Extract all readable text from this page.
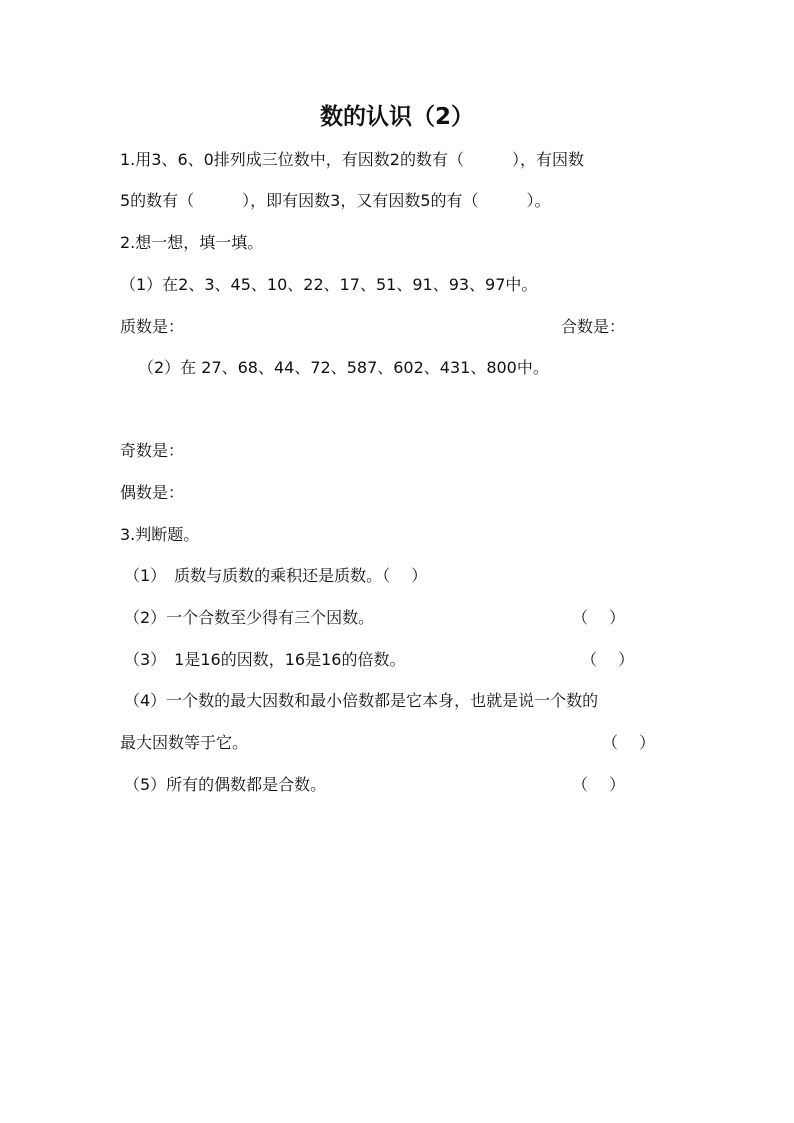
数的认识（2）
1.用3、6、0排列成三位数中，有因数2的数有（　　　），有因数
5的数有（　　　），即有因数3，又有因数5的有（　　　）。
2.想一想，填一填。
（1）在2、3、45、10、22、17、51、91、93、97中。
质数是：	合数是：
（2）在 27、68、44、72、587、602、431、800中。
奇数是：
偶数是：
3.判断题。
（1）　质数与质数的乘积还是质数。（　 ）
（2）一个合数至少得有三个因数。	（　 ）
（3）　1是16的因数，16是16的倍数。	（　 ）
（4）一个数的最大因数和最小倍数都是它本身，也就是说一个数的
最大因数等于它。	（　 ）
（5）所有的偶数都是合数。	（　 ）
